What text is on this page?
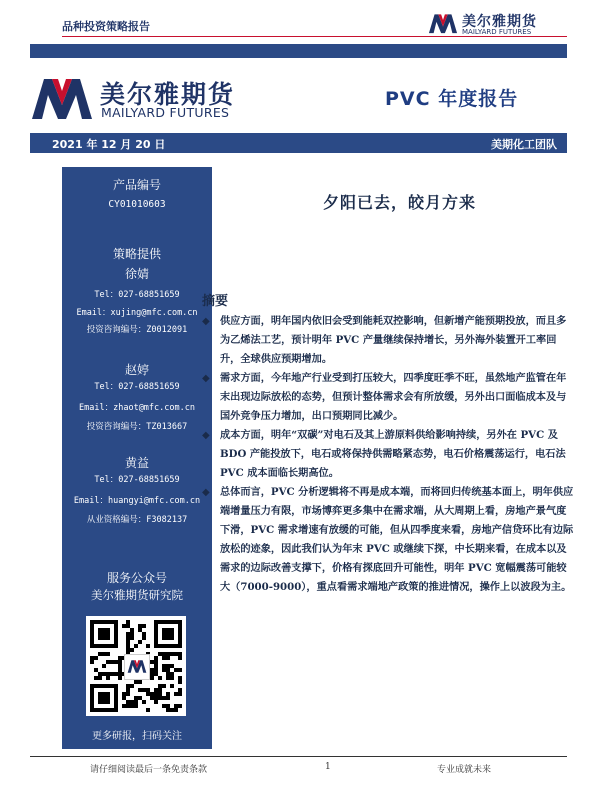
品种投资策略报告	美尔雅期货
MAILYARD FUTURES
美尔雅期货
MAILYARD FUTURES
PVC 年度报告
2021 年 12 月 20 日	美期化工团队
产品编号
CY01010603
策略提供
徐婧
Tel：027-68851659
Email：xujing@mfc.com.cn
投资咨询编号：Z0012091
赵婷
Tel：027-68851659
Email：zhaot@mfc.com.cn
投资咨询编号：TZ013667
黄益
Tel：027-68851659
Email：huangyi@mfc.com.cn
从业资格编号：F3082137
服务公众号
美尔雅期货研究院
更多研报，扫码关注
夕阳已去，皎月方来
摘要
◆ 供应方面，明年国内依旧会受到能耗双控影响，但新增产能预期投放，而且多为乙烯法工艺，预计明年 PVC 产量继续保持增长，另外海外装置开工率回升，全球供应预期增加。
◆ 需求方面，今年地产行业受到打压较大，四季度旺季不旺，虽然地产监管在年末出现边际放松的态势，但预计整体需求会有所放缓，另外出口面临成本及与国外竞争压力增加，出口预期同比减少。
◆ 成本方面，明年“双碳”对电石及其上游原料供给影响持续，另外在 PVC 及 BDO 产能投放下，电石或将保持供需略紧态势，电石价格震荡运行，电石法 PVC 成本面临长期高位。
◆ 总体而言，PVC 分析逻辑将不再是成本端，而将回归传统基本面上，明年供应端增量压力有限，市场博弈更多集中在需求端，从大周期上看，房地产景气度下滑，PVC 需求增速有放缓的可能，但从四季度来看，房地产信贷环比有边际放松的迹象，因此我们认为年末 PVC 或继续下探，中长期来看，在成本以及需求的边际改善支撑下，价格有探底回升可能性，明年 PVC 宽幅震荡可能较大（7000-9000），重点看需求端地产政策的推进情况，操作上以波段为主。
请仔细阅读最后一条免责条款	1	专业成就未来
